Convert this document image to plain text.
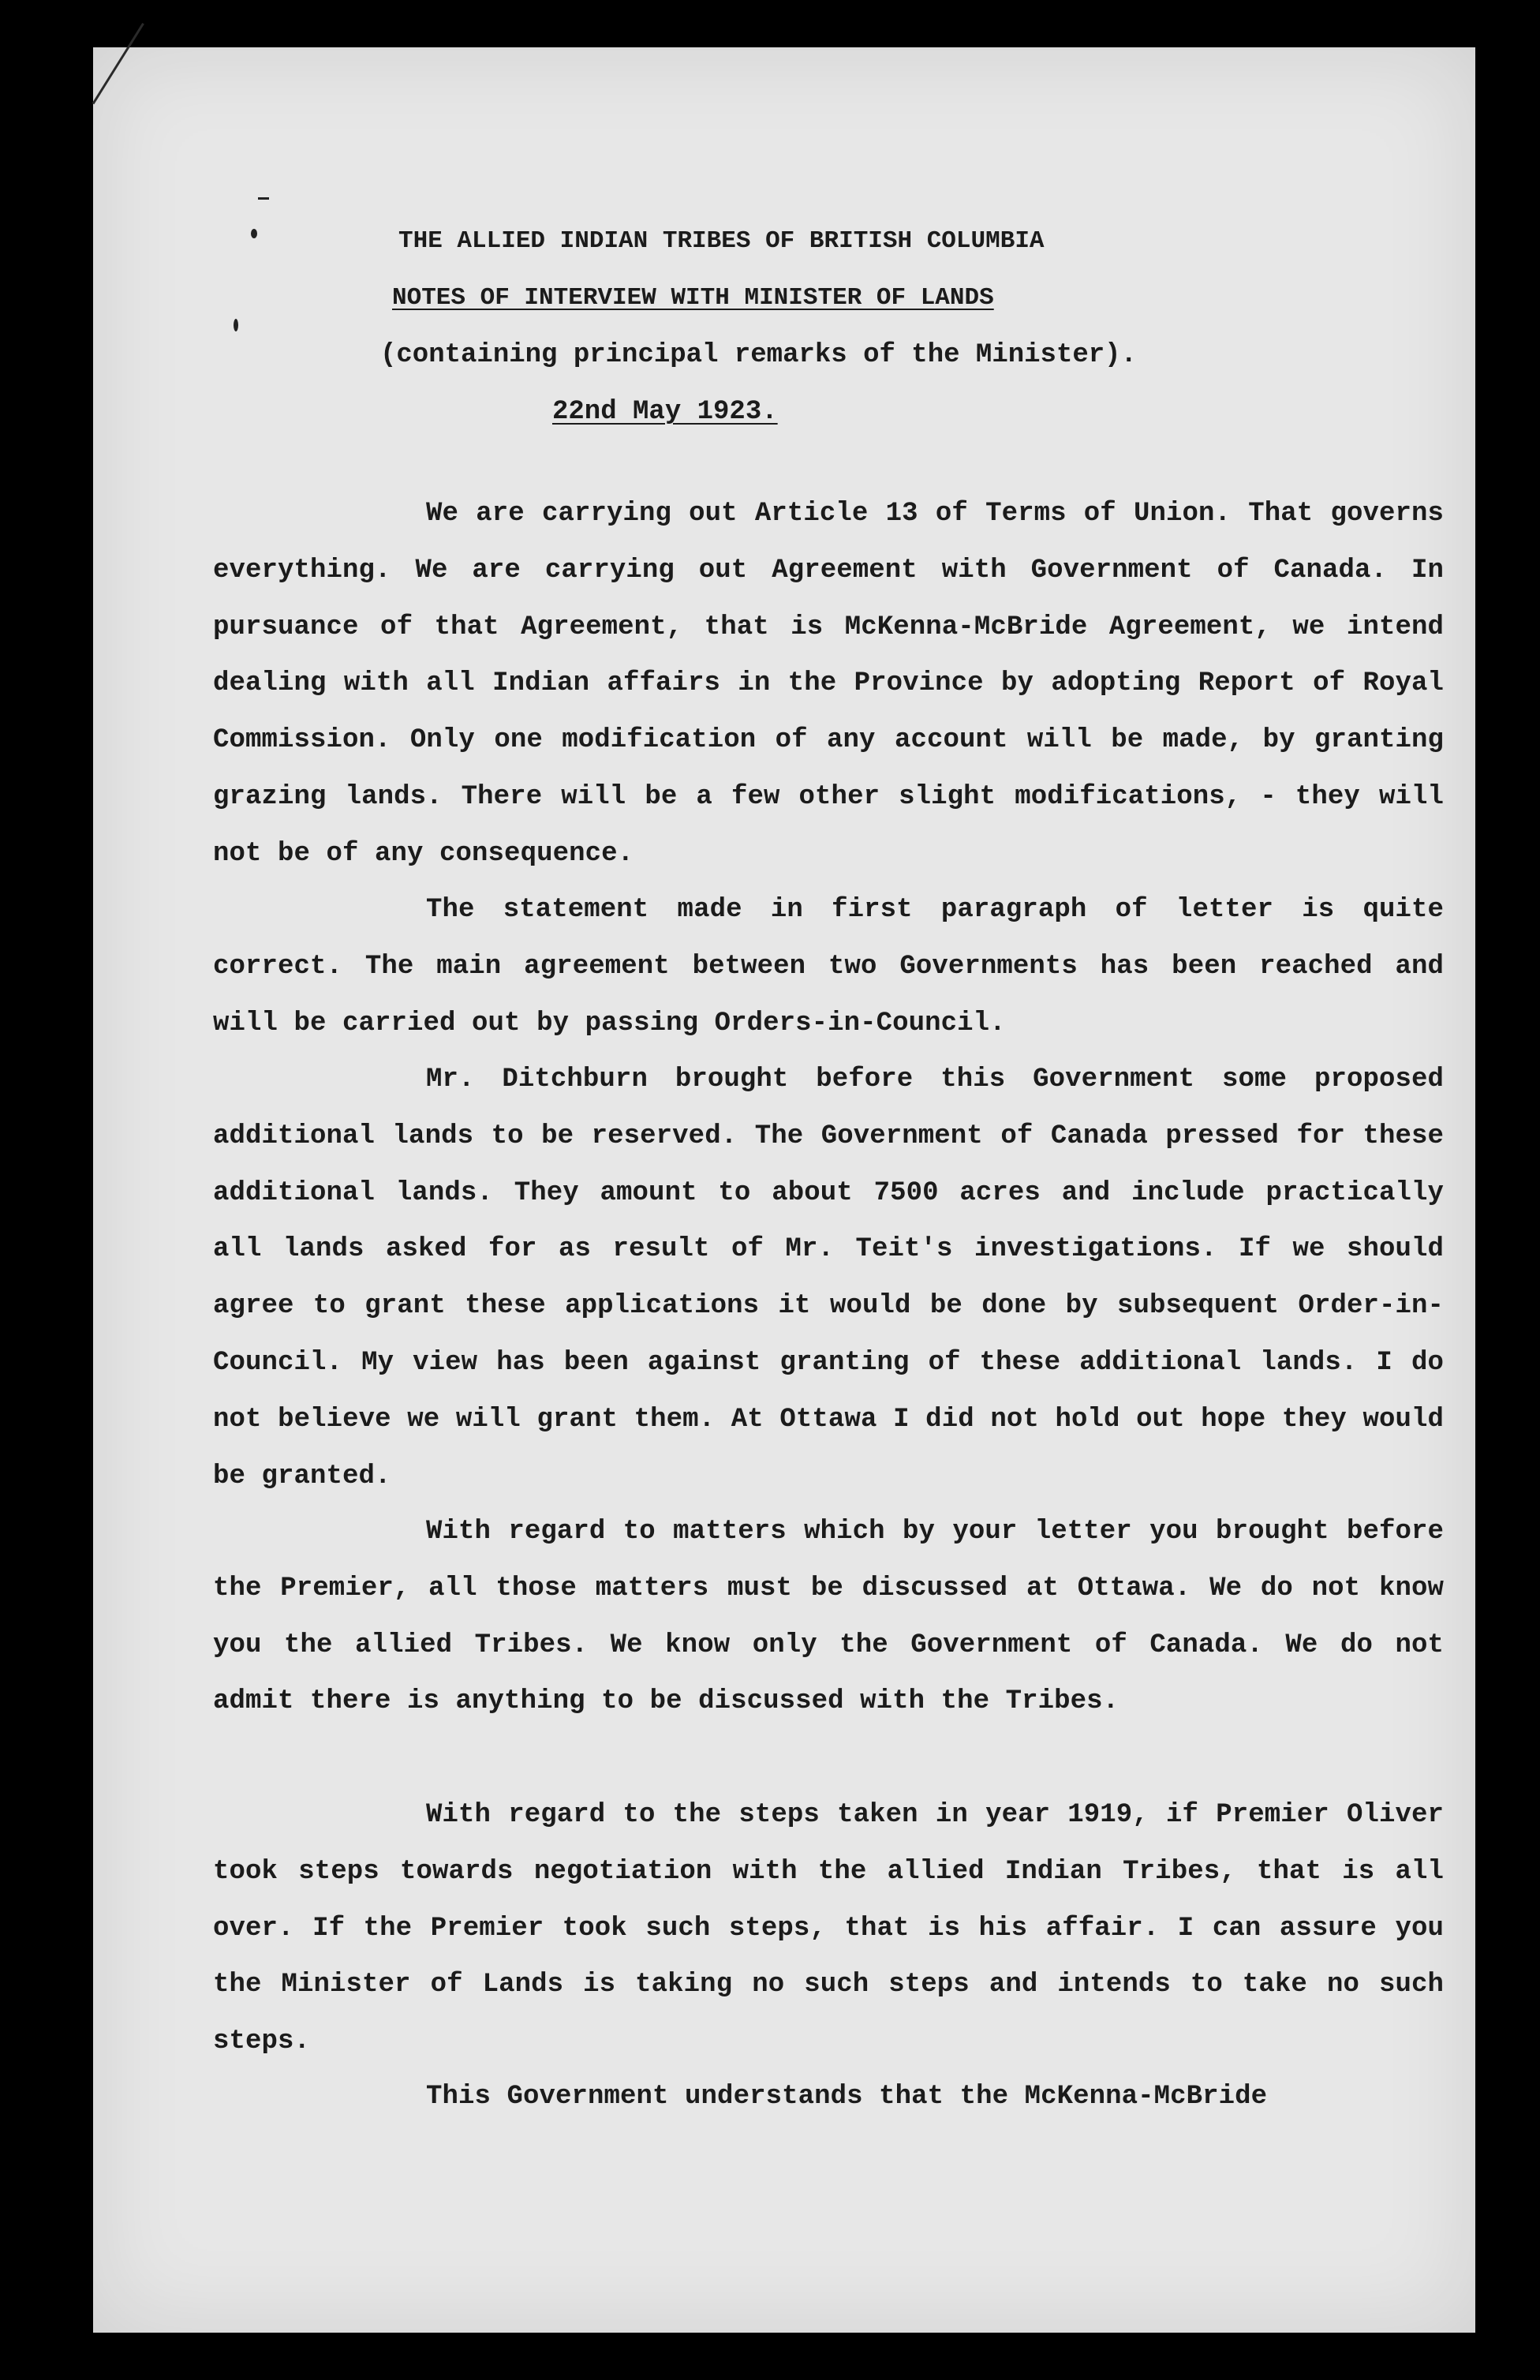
THE ALLIED INDIAN TRIBES OF BRITISH COLUMBIA
NOTES OF INTERVIEW WITH MINISTER OF LANDS
(containing principal remarks of the Minister).
22nd May 1923.

We are carrying out Article 13 of Terms of Union. That governs everything. We are carrying out Agreement with Government of Canada. In pursuance of that Agreement, that is McKenna-McBride Agreement, we intend dealing with all Indian affairs in the Province by adopting Report of Royal Commission. Only one modification of any account will be made, by granting grazing lands. There will be a few other slight modifications, - they will not be of any consequence.

The statement made in first paragraph of letter is quite correct. The main agreement between two Governments has been reached and will be carried out by passing Orders-in-Council.

Mr. Ditchburn brought before this Government some proposed additional lands to be reserved. The Government of Canada pressed for these additional lands. They amount to about 7500 acres and include practically all lands asked for as result of Mr. Teit's investigations. If we should agree to grant these applications it would be done by subsequent Order-in-Council. My view has been against granting of these additional lands. I do not believe we will grant them. At Ottawa I did not hold out hope they would be granted.

With regard to matters which by your letter you brought before the Premier, all those matters must be discussed at Ottawa. We do not know you the allied Tribes. We know only the Government of Canada. We do not admit there is anything to be discussed with the Tribes.

With regard to the steps taken in year 1919, if Premier Oliver took steps towards negotiation with the allied Indian Tribes, that is all over. If the Premier took such steps, that is his affair. I can assure you the Minister of Lands is taking no such steps and intends to take no such steps.

This Government understands that the McKenna-McBride
